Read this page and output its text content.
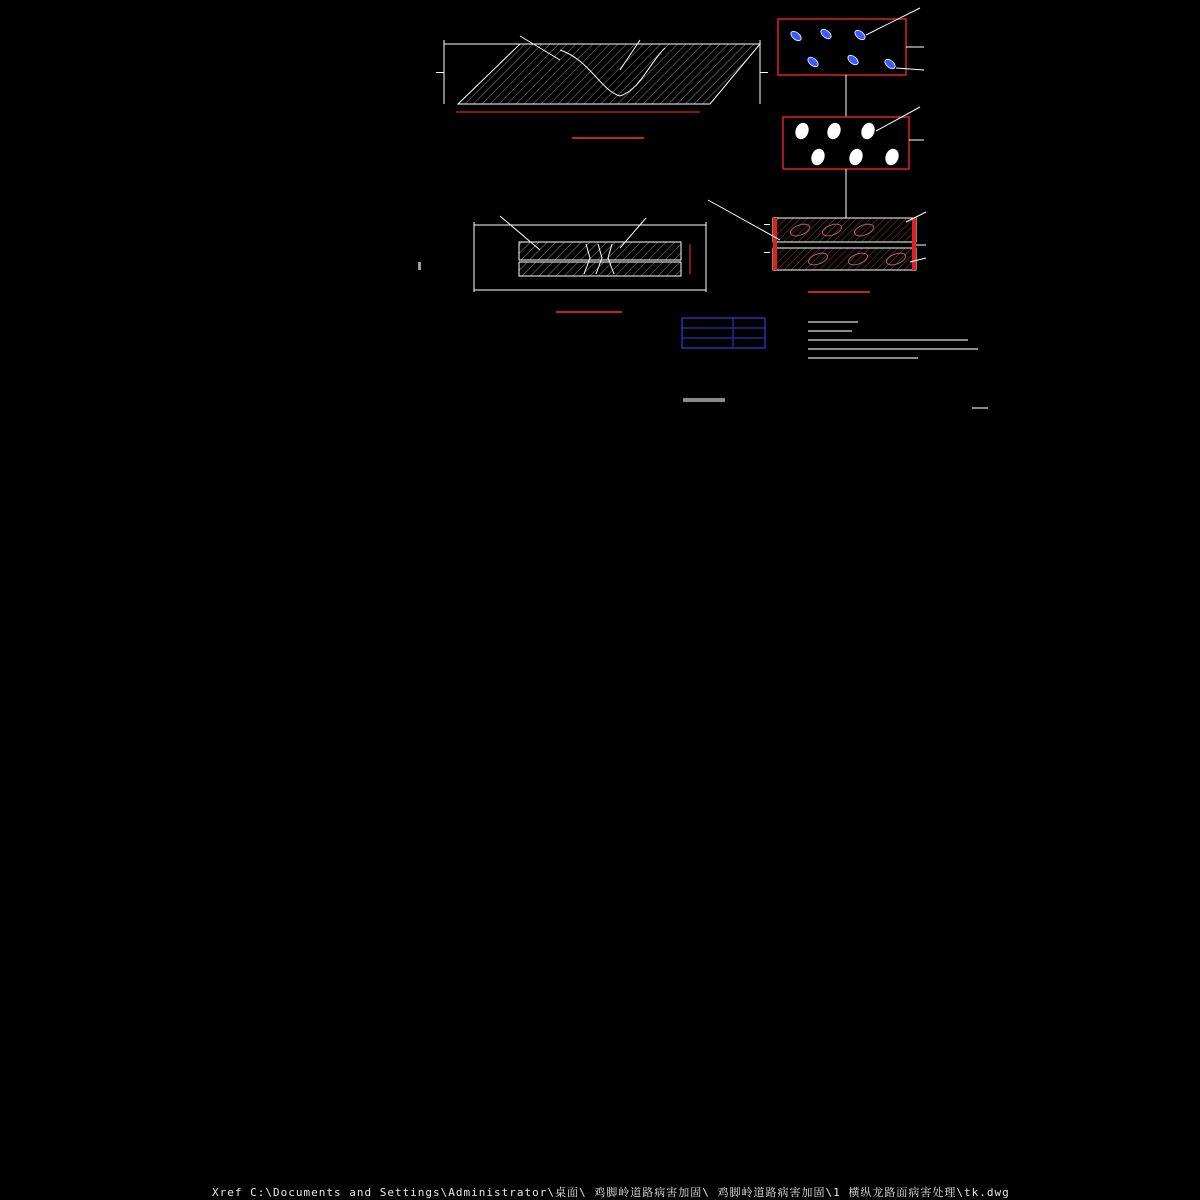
Xref C:\Documents and Settings\Administrator\桌面\ 鸡脚岭道路病害加固\ 鸡脚岭道路病害加固\1 横纵龙路面病害处理\tk.dwg
